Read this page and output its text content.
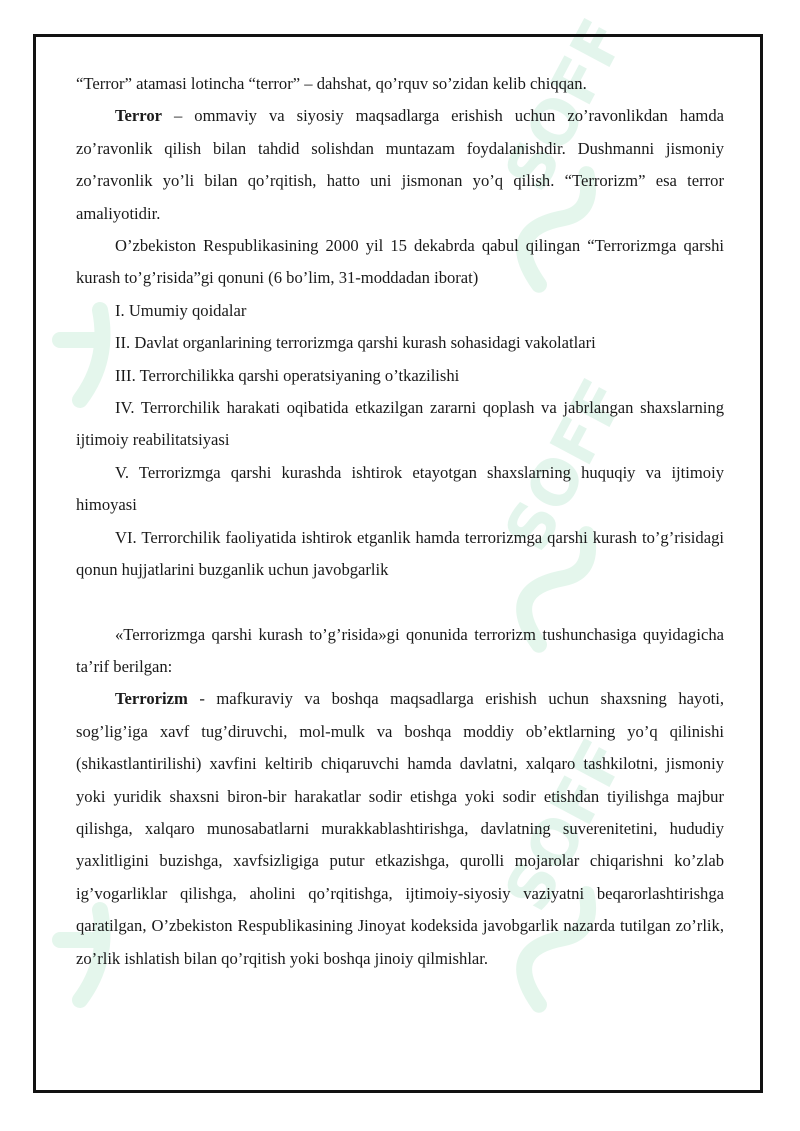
SOFF
SOFF
SOFF

“Terror” atamasi lotincha “terror” – dahshat, qo’rquv so’zidan kelib chiqqan.

Terror – ommaviy va siyosiy maqsadlarga erishish uchun zo’ravonlikdan hamda zo’ravonlik qilish bilan tahdid solishdan muntazam foydalanishdir. Dushmanni jismoniy zo’ravonlik yo’li bilan qo’rqitish, hatto uni jismonan yo’q qilish. “Terrorizm” esa terror amaliyotidir.

O’zbekiston Respublikasining 2000 yil 15 dekabrda qabul qilingan “Terrorizmga qarshi kurash to’g’risida”gi qonuni (6 bo’lim, 31-moddadan iborat)

I. Umumiy qoidalar

II. Davlat organlarining terrorizmga qarshi kurash sohasidagi vakolatlari

III. Terrorchilikka qarshi operatsiyaning o’tkazilishi

IV. Terrorchilik harakati oqibatida etkazilgan zararni qoplash va jabrlangan shaxslarning ijtimoiy reabilitatsiyasi

V. Terrorizmga qarshi kurashda ishtirok etayotgan shaxslarning huquqiy va ijtimoiy himoyasi

VI. Terrorchilik faoliyatida ishtirok etganlik hamda terrorizmga qarshi kurash to’g’risidagi qonun hujjatlarini buzganlik uchun javobgarlik

«Terrorizmga qarshi kurash to’g’risida»gi qonunida terrorizm tushunchasiga quyidagicha ta’rif berilgan:

Terrorizm - mafkuraviy va boshqa maqsadlarga erishish uchun shaxsning hayoti, sog’lig’iga xavf tug’diruvchi, mol-mulk va boshqa moddiy ob’ektlarning yo’q qilinishi (shikastlantirilishi) xavfini keltirib chiqaruvchi hamda davlatni, xalqaro tashkilotni, jismoniy yoki yuridik shaxsni biron-bir harakatlar sodir etishga yoki sodir etishdan tiyilishga majbur qilishga, xalqaro munosabatlarni murakkablashtirishga, davlatning suverenitetini, hududiy yaxlitligini buzishga, xavfsizligiga putur etkazishga, qurolli mojarolar chiqarishni ko’zlab ig’vogarliklar qilishga, aholini qo’rqitishga, ijtimoiy-siyosiy vaziyatni beqarorlashtirishga qaratilgan, O’zbekiston Respublikasining Jinoyat kodeksida javobgarlik nazarda tutilgan zo’rlik, zo’rlik ishlatish bilan qo’rqitish yoki boshqa jinoiy qilmishlar.
